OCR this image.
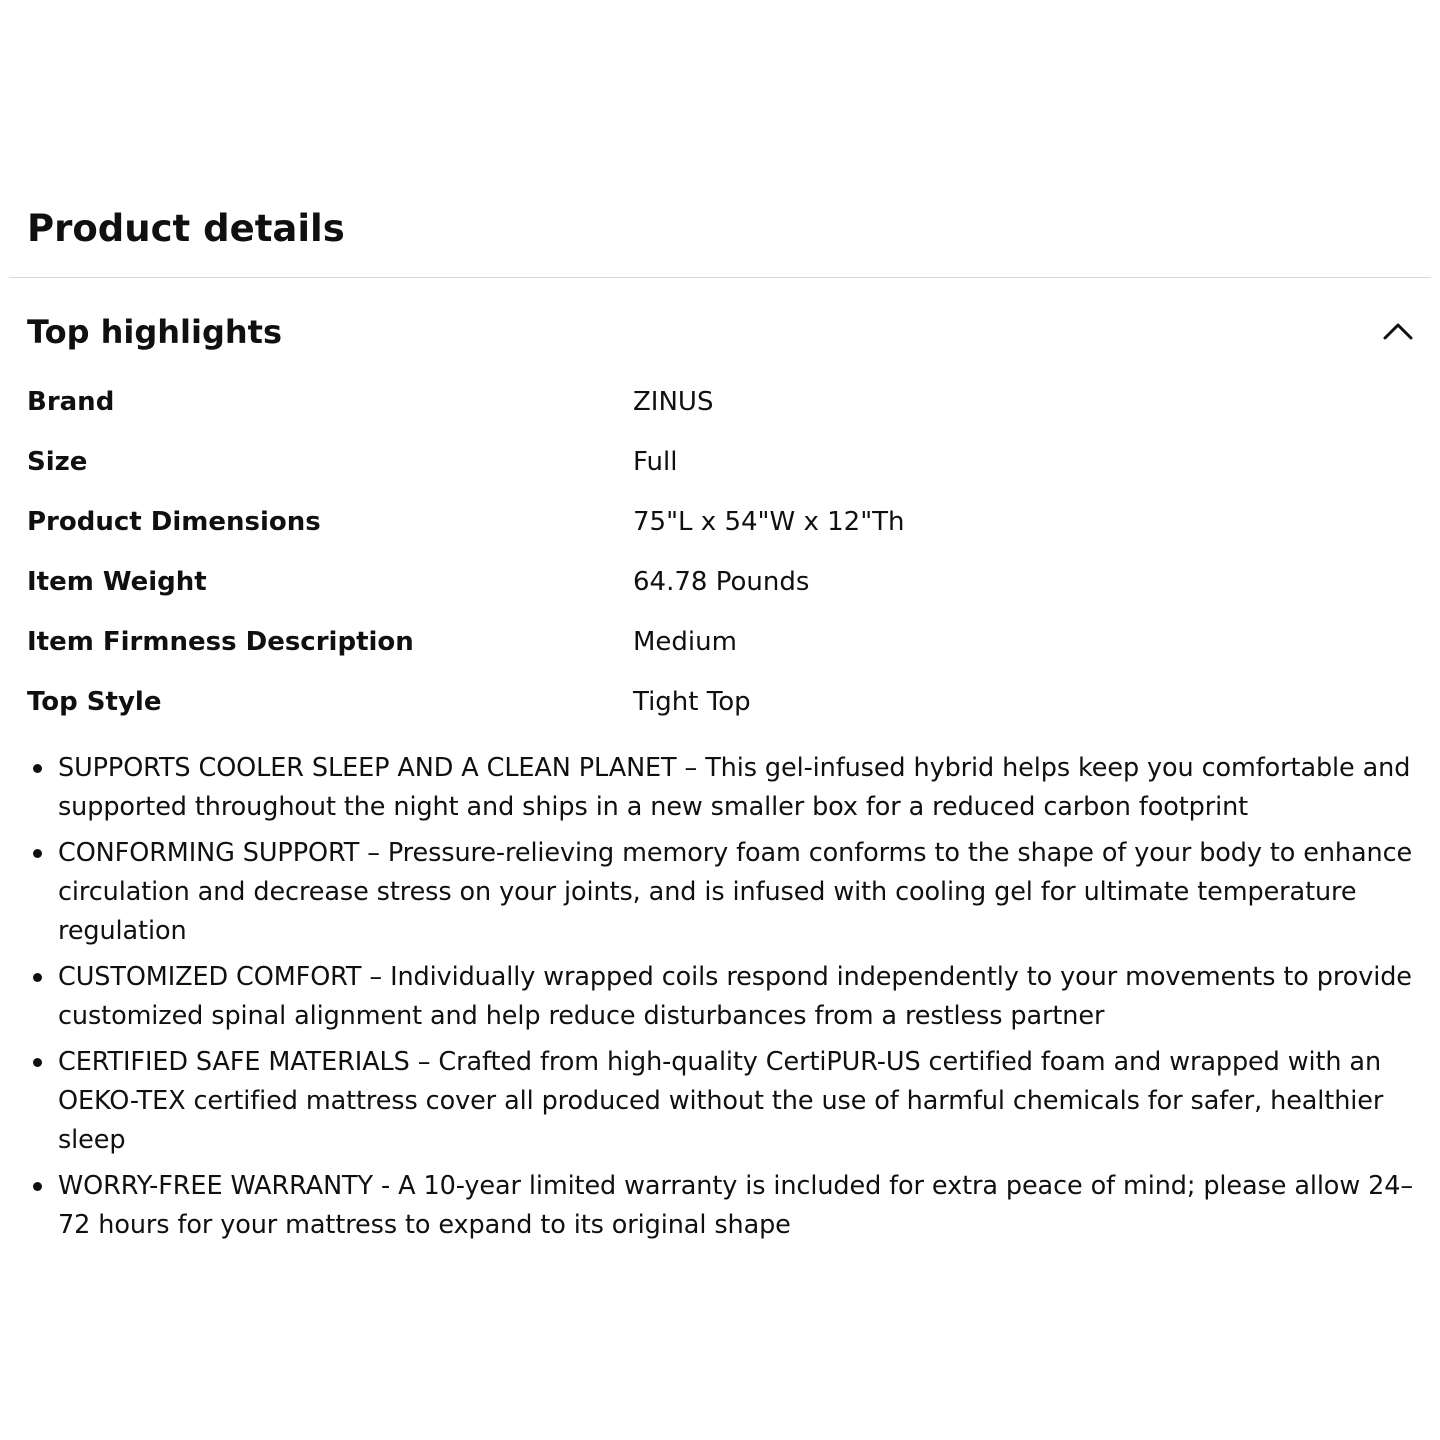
Product details
Top highlights
Brand	ZINUS
Size	Full
Product Dimensions	75"L x 54"W x 12"Th
Item Weight	64.78 Pounds
Item Firmness Description	Medium
Top Style	Tight Top
SUPPORTS COOLER SLEEP AND A CLEAN PLANET – This gel-infused hybrid helps keep you comfortable and supported throughout the night and ships in a new smaller box for a reduced carbon footprint
CONFORMING SUPPORT – Pressure-relieving memory foam conforms to the shape of your body to enhance circulation and decrease stress on your joints, and is infused with cooling gel for ultimate temperature regulation
CUSTOMIZED COMFORT – Individually wrapped coils respond independently to your movements to provide customized spinal alignment and help reduce disturbances from a restless partner
CERTIFIED SAFE MATERIALS – Crafted from high-quality CertiPUR-US certified foam and wrapped with an OEKO-TEX certified mattress cover all produced without the use of harmful chemicals for safer, healthier sleep
WORRY-FREE WARRANTY - A 10-year limited warranty is included for extra peace of mind; please allow 24–72 hours for your mattress to expand to its original shape
